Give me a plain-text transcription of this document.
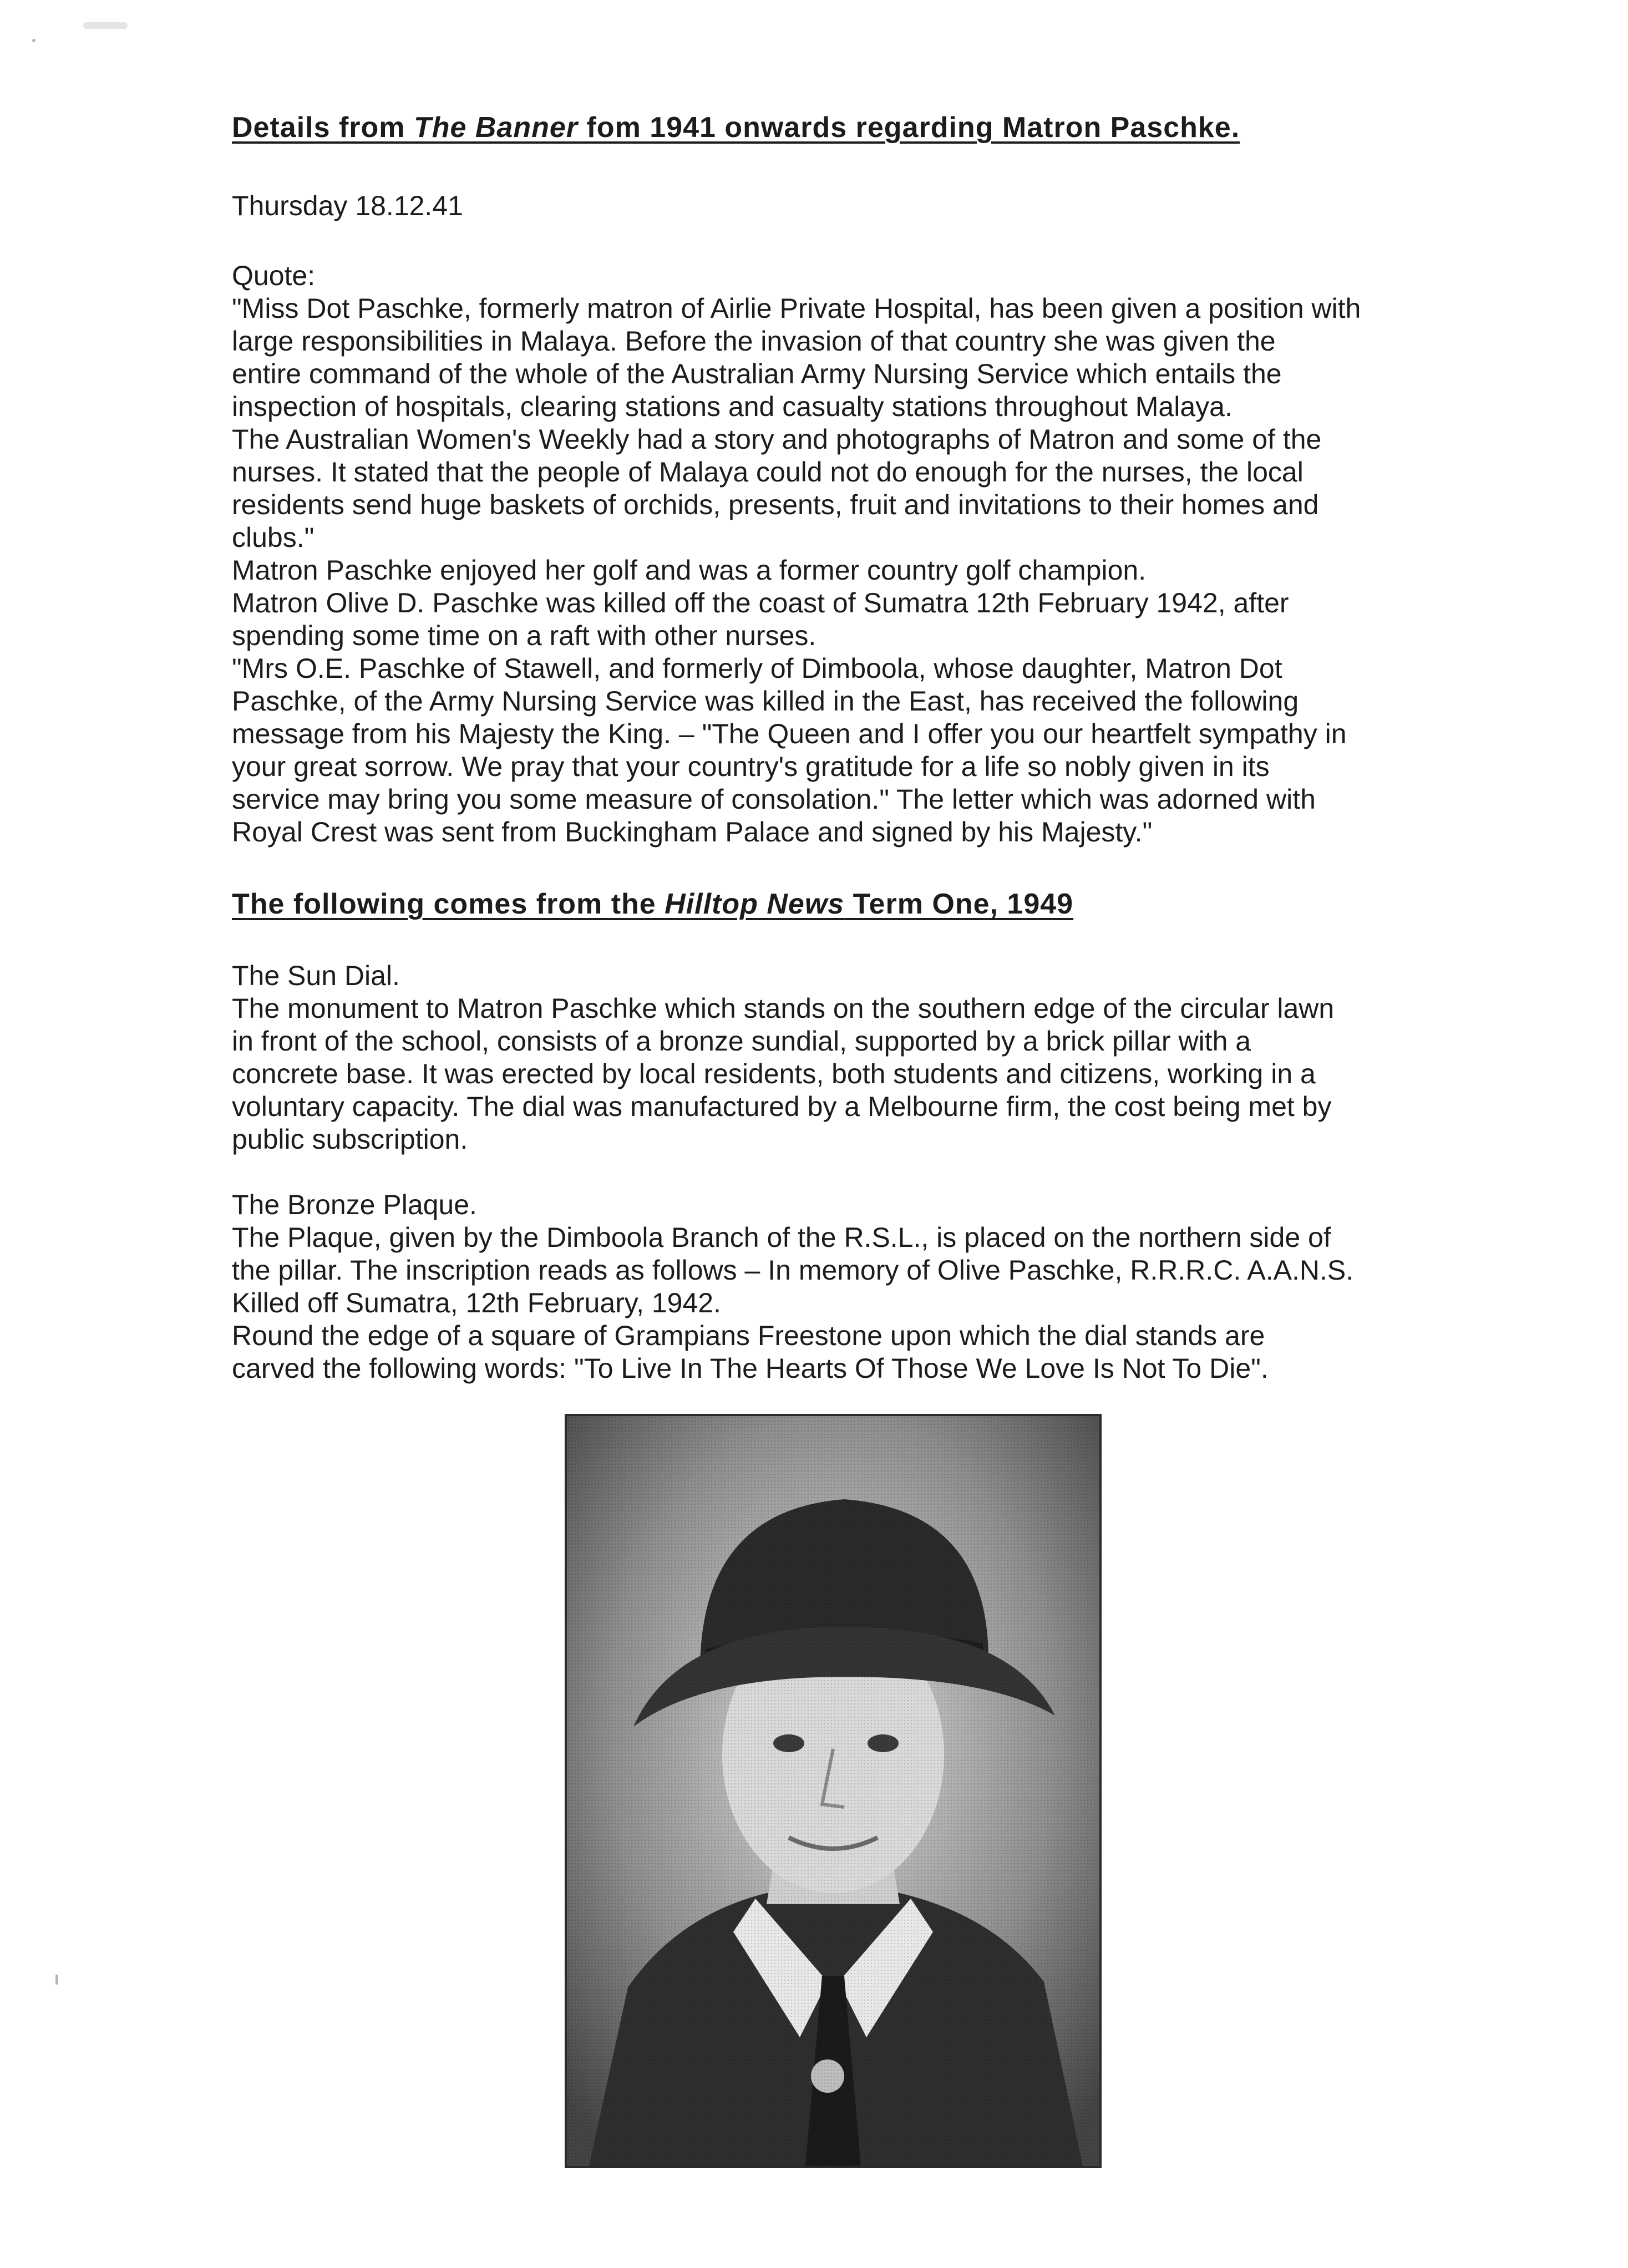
Details from The Banner fom 1941 onwards regarding Matron Paschke.

Thursday 18.12.41

Quote:
"Miss Dot Paschke, formerly matron of Airlie Private Hospital, has been given a position with
large responsibilities in Malaya. Before the invasion of that country she was given the
entire command of the whole of the Australian Army Nursing Service which entails the
inspection of hospitals, clearing stations and casualty stations throughout Malaya.
The Australian Women's Weekly had a story and photographs of Matron and some of the
nurses. It stated that the people of Malaya could not do enough for the nurses, the local
residents send huge baskets of orchids, presents, fruit and invitations to their homes and
clubs."
Matron Paschke enjoyed her golf and was a former country golf champion.
Matron Olive D. Paschke was killed off the coast of Sumatra 12th February 1942, after
spending some time on a raft with other nurses.
"Mrs O.E. Paschke of Stawell, and formerly of Dimboola, whose daughter, Matron Dot
Paschke, of the Army Nursing Service was killed in the East, has received the following
message from his Majesty the King. – "The Queen and I offer you our heartfelt sympathy in
your great sorrow. We pray that your country's gratitude for a life so nobly given in its
service may bring you some measure of consolation." The letter which was adorned with
Royal Crest was sent from Buckingham Palace and signed by his Majesty."
The following comes from the Hilltop News Term One, 1949
The Sun Dial.
The monument to Matron Paschke which stands on the southern edge of the circular lawn
in front of the school, consists of a bronze sundial, supported by a brick pillar with a
concrete base. It was erected by local residents, both students and citizens, working in a
voluntary capacity. The dial was manufactured by a Melbourne firm, the cost being met by
public subscription.
The Bronze Plaque.
The Plaque, given by the Dimboola Branch of the R.S.L., is placed on the northern side of
the pillar. The inscription reads as follows – In memory of Olive Paschke, R.R.R.C. A.A.N.S.
Killed off Sumatra, 12th February, 1942.
Round the edge of a square of Grampians Freestone upon which the dial stands are
carved the following words: "To Live In The Hearts Of Those We Love Is Not To Die".
